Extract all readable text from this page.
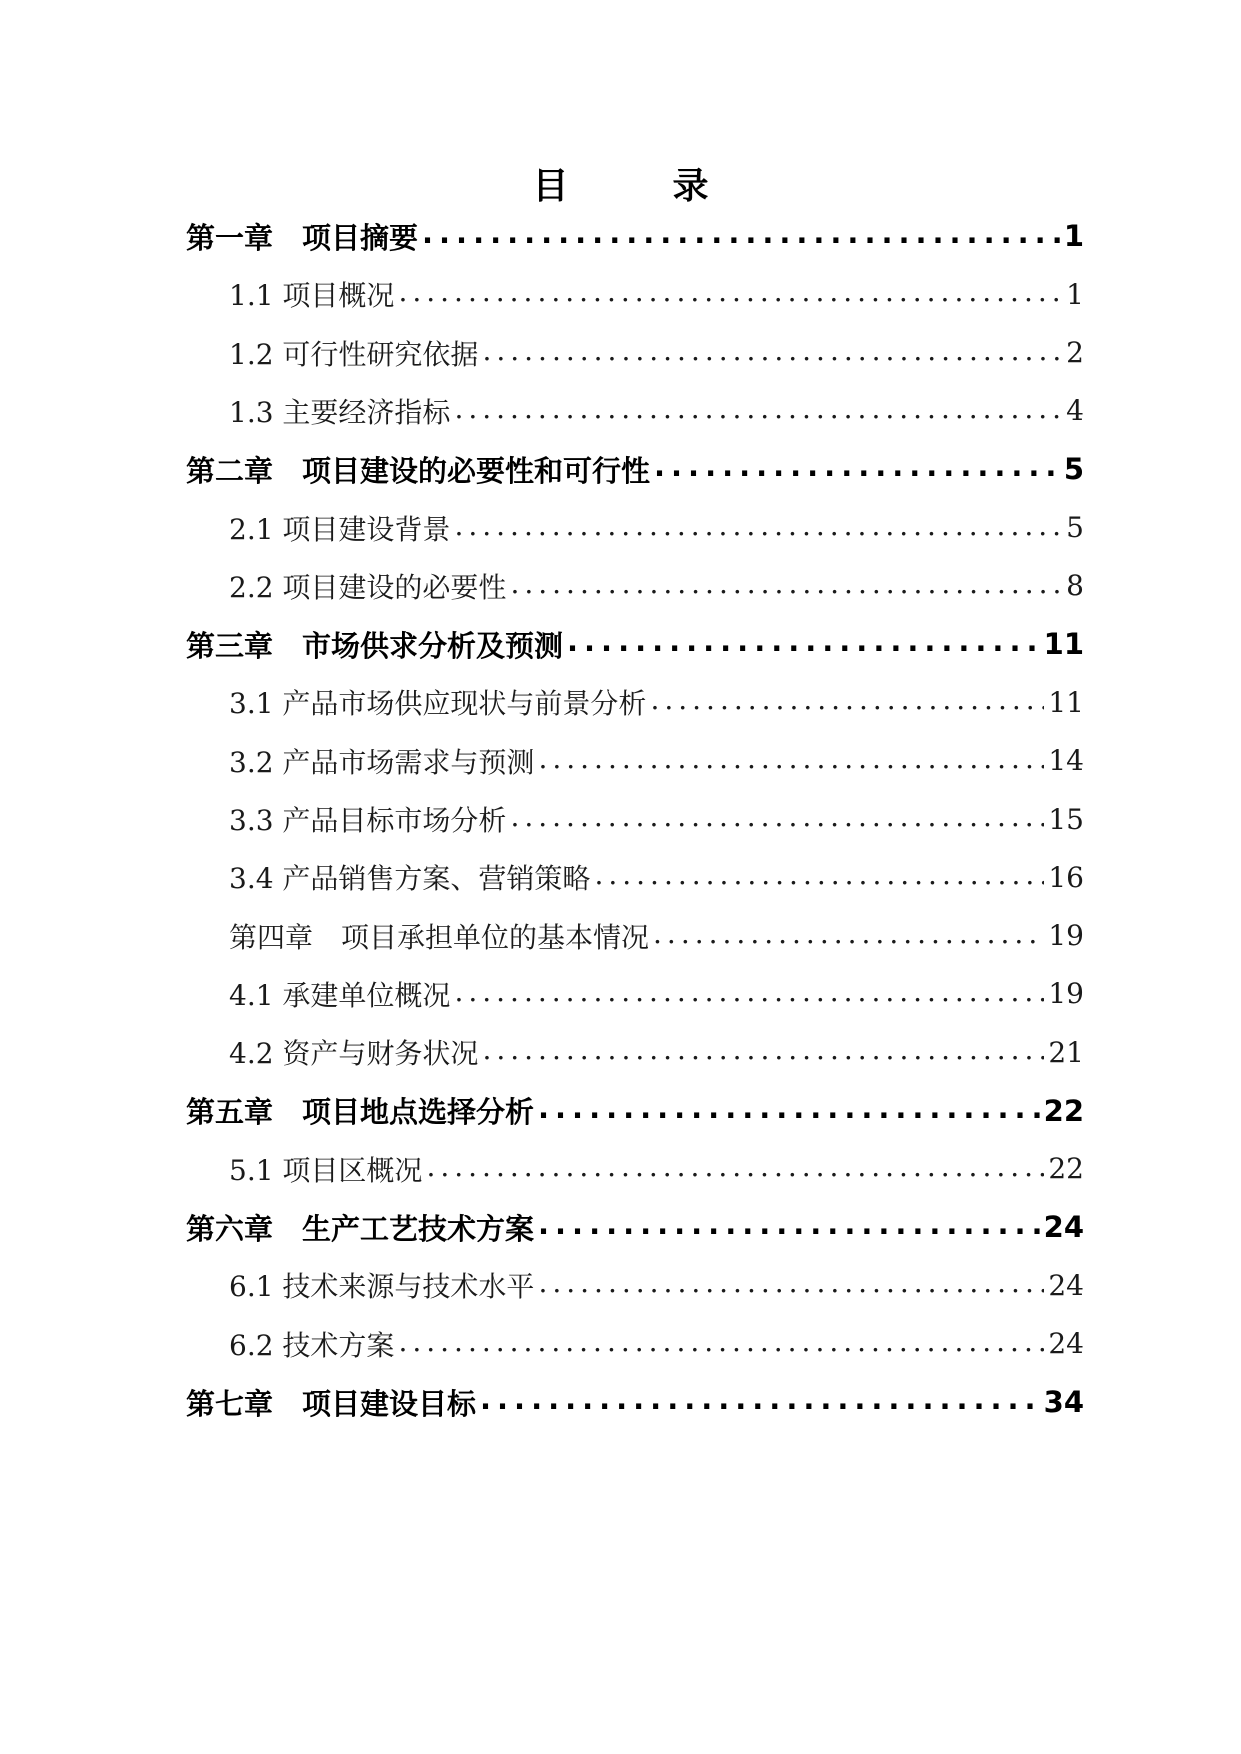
目　录
第一章　项目摘要 .....	1
1.1 项目概况 .....	1
1.2 可行性研究依据 .....	2
1.3 主要经济指标 .....	4
第二章　项目建设的必要性和可行性 .....	5
2.1 项目建设背景 .....	5
2.2 项目建设的必要性 .....	8
第三章　市场供求分析及预测 .....	11
3.1 产品市场供应现状与前景分析 .....	11
3.2 产品市场需求与预测 .....	14
3.3 产品目标市场分析 .....	15
3.4 产品销售方案、营销策略 .....	16
第四章　项目承担单位的基本情况 .....	19
4.1 承建单位概况 .....	19
4.2 资产与财务状况 .....	21
第五章　项目地点选择分析 .....	22
5.1 项目区概况 .....	22
第六章　生产工艺技术方案 .....	24
6.1 技术来源与技术水平 .....	24
6.2 技术方案 .....	24
第七章　项目建设目标 .....	34
